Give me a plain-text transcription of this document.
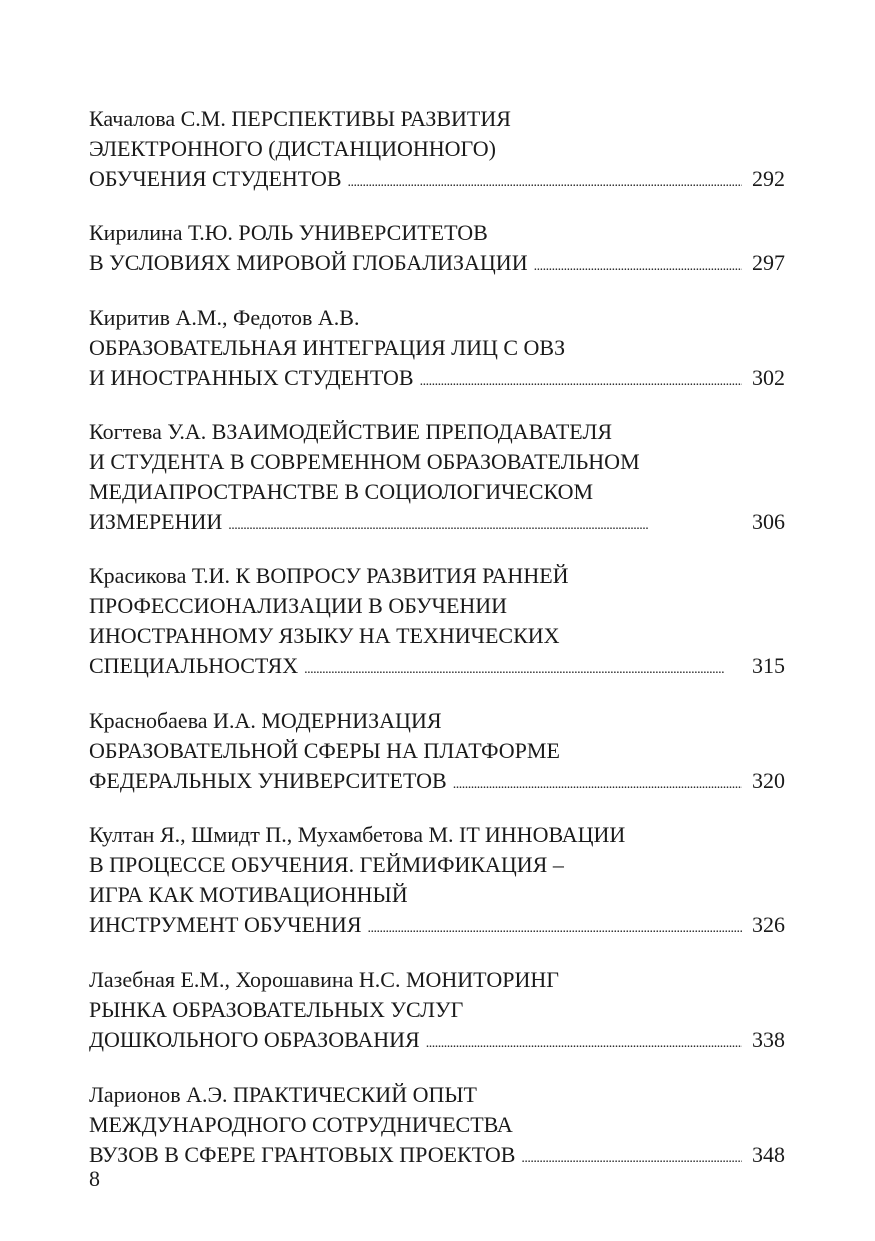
Качалова С.М. ПЕРСПЕКТИВЫ РАЗВИТИЯ
ЭЛЕКТРОННОГО (ДИСТАНЦИОННОГО)
ОБУЧЕНИЯ СТУДЕНТОВ . . .	292
Кирилина Т.Ю. РОЛЬ УНИВЕРСИТЕТОВ
В УСЛОВИЯХ МИРОВОЙ ГЛОБАЛИЗАЦИИ . . .	297
Киритив А.М., Федотов А.В.
ОБРАЗОВАТЕЛЬНАЯ ИНТЕГРАЦИЯ ЛИЦ С ОВЗ
И ИНОСТРАННЫХ СТУДЕНТОВ . . .	302
Когтева У.А. ВЗАИМОДЕЙСТВИЕ ПРЕПОДАВАТЕЛЯ
И СТУДЕНТА В СОВРЕМЕННОМ ОБРАЗОВАТЕЛЬНОМ
МЕДИАПРОСТРАНСТВЕ В СОЦИОЛОГИЧЕСКОМ
ИЗМЕРЕНИИ . . .	306
Красикова Т.И. К ВОПРОСУ РАЗВИТИЯ РАННЕЙ
ПРОФЕССИОНАЛИЗАЦИИ В ОБУЧЕНИИ
ИНОСТРАННОМУ ЯЗЫКУ НА ТЕХНИЧЕСКИХ
СПЕЦИАЛЬНОСТЯХ . . .	315
Краснобаева И.А. МОДЕРНИЗАЦИЯ
ОБРАЗОВАТЕЛЬНОЙ СФЕРЫ НА ПЛАТФОРМЕ
ФЕДЕРАЛЬНЫХ УНИВЕРСИТЕТОВ . . .	320
Култан Я., Шмидт П., Мухамбетова М. IT ИННОВАЦИИ
В ПРОЦЕССЕ ОБУЧЕНИЯ. ГЕЙМИФИКАЦИЯ –
ИГРА КАК МОТИВАЦИОННЫЙ
ИНСТРУМЕНТ ОБУЧЕНИЯ . . .	326
Лазебная Е.М., Хорошавина Н.С. МОНИТОРИНГ
РЫНКА ОБРАЗОВАТЕЛЬНЫХ УСЛУГ
ДОШКОЛЬНОГО ОБРАЗОВАНИЯ . . .	338
Ларионов А.Э. ПРАКТИЧЕСКИЙ ОПЫТ
МЕЖДУНАРОДНОГО СОТРУДНИЧЕСТВА
ВУЗОВ В СФЕРЕ ГРАНТОВЫХ ПРОЕКТОВ . . .	348
8
